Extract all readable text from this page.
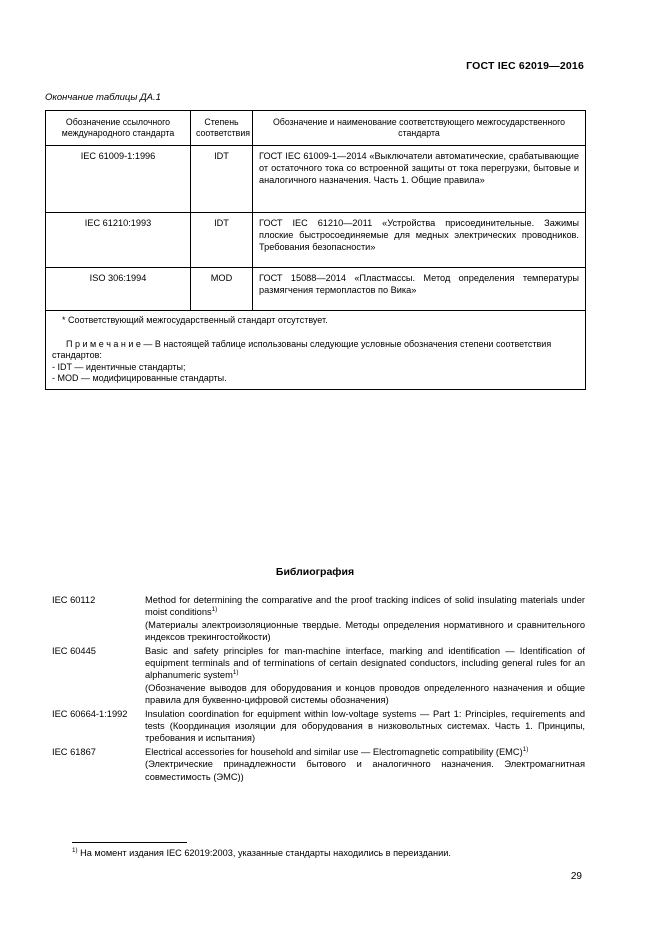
ГОСТ IEC 62019—2016
Окончание таблицы ДА.1
Обозначение ссылочного международного стандарта	Степень соответствия	Обозначение и наименование соответствующего межгосударственного стандарта
IEC 61009-1:1996	IDT	ГОСТ IEC 61009-1—2014 «Выключатели автоматические, срабатывающие от остаточного тока со встроенной защиты от тока перегрузки, бытовые и аналогичного назначения. Часть 1. Общие правила»
IEC 61210:1993	IDT	ГОСТ IEC 61210—2011 «Устройства присоединительные. Зажимы плоские быстросоединяемые для медных электрических проводников. Требования безопасности»
ISO 306:1994	MOD	ГОСТ 15088—2014 «Пластмассы. Метод определения температуры размягчения термопластов по Вика»

* Соответствующий межгосударственный стандарт отсутствует.
П р и м е ч а н и е — В настоящей таблице использованы следующие условные обозначения степени соответствия стандартов:
- IDT — идентичные стандарты;
- MOD — модифицированные стандарты.		
Библиография
IEC 60112	Method for determining the comparative and the proof tracking indices of solid insulating materials under moist conditions$^{1)}$
(Материалы электроизоляционные твердые. Методы определения нормативного и сравнительного индексов трекингостойкости)
IEC 60445	Basic and safety principles for man-machine interface, marking and identification — Identification of equipment terminals and of terminations of certain designated conductors, including general rules for an alphanumeric system$^{1)}$
(Обозначение выводов для оборудования и концов проводов определенного назначения и общие правила для буквенно-цифровой системы обозначения)
IEC 60664-1:1992	Insulation coordination for equipment within low-voltage systems — Part 1: Principles, requirements and tests (Координация изоляции для оборудования в низковольтных системах. Часть 1. Принципы, требования и испытания)
IEC 61867	Electrical accessories for household and similar use — Electromagnetic compatibility (EMC)$^{1)}$
(Электрические принадлежности бытового и аналогичного назначения. Электромагнитная совместимость (ЭМС))
$^{1)}$ На момент издания IEC 62019:2003, указанные стандарты находились в переиздании.
29
